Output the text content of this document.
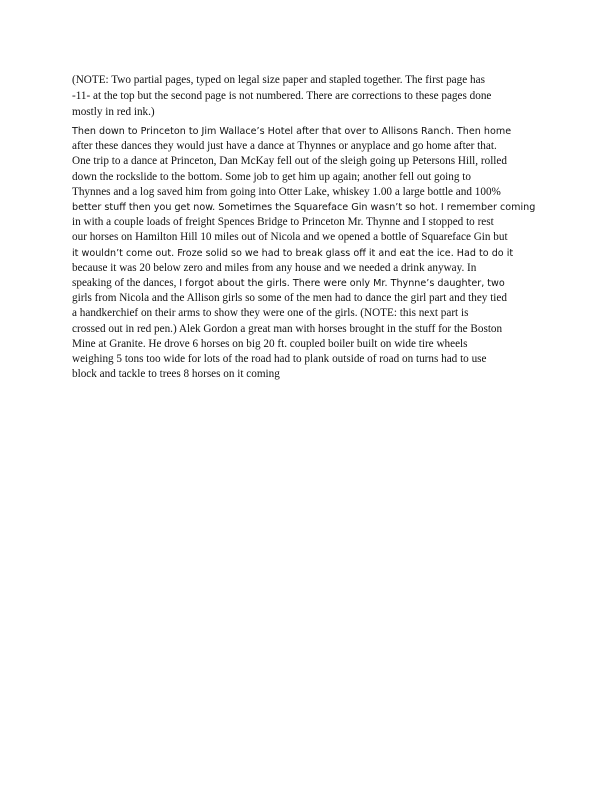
(NOTE: Two partial pages, typed on legal size paper and stapled together. The first page has
-11- at the top but the second page is not numbered. There are corrections to these pages done
mostly in red ink.)
Then down to Princeton to Jim Wallace’s Hotel after that over to Allisons Ranch. Then home
after these dances they would just have a dance at Thynnes or anyplace and go home after that.
One trip to a dance at Princeton, Dan McKay fell out of the sleigh going up Petersons Hill, rolled
down the rockslide to the bottom. Some job to get him up again; another fell out going to
Thynnes and a log saved him from going into Otter Lake, whiskey 1.00 a large bottle and 100%
better stuff then you get now. Sometimes the Squareface Gin wasn’t so hot. I remember coming
in with a couple loads of freight Spences Bridge to Princeton Mr. Thynne and I stopped to rest
our horses on Hamilton Hill 10 miles out of Nicola and we opened a bottle of Squareface Gin but
it wouldn’t come out. Froze solid so we had to break glass off it and eat the ice. Had to do it
because it was 20 below zero and miles from any house and we needed a drink anyway. In
speaking of the dances, I forgot about the girls. There were only Mr. Thynne’s daughter, two
girls from Nicola and the Allison girls so some of the men had to dance the girl part and they tied
a handkerchief on their arms to show they were one of the girls. (NOTE: this next part is
crossed out in red pen.) Alek Gordon a great man with horses brought in the stuff for the Boston
Mine at Granite. He drove 6 horses on big 20 ft. coupled boiler built on wide tire wheels
weighing 5 tons too wide for lots of the road had to plank outside of road on turns had to use
block and tackle to trees 8 horses on it coming
